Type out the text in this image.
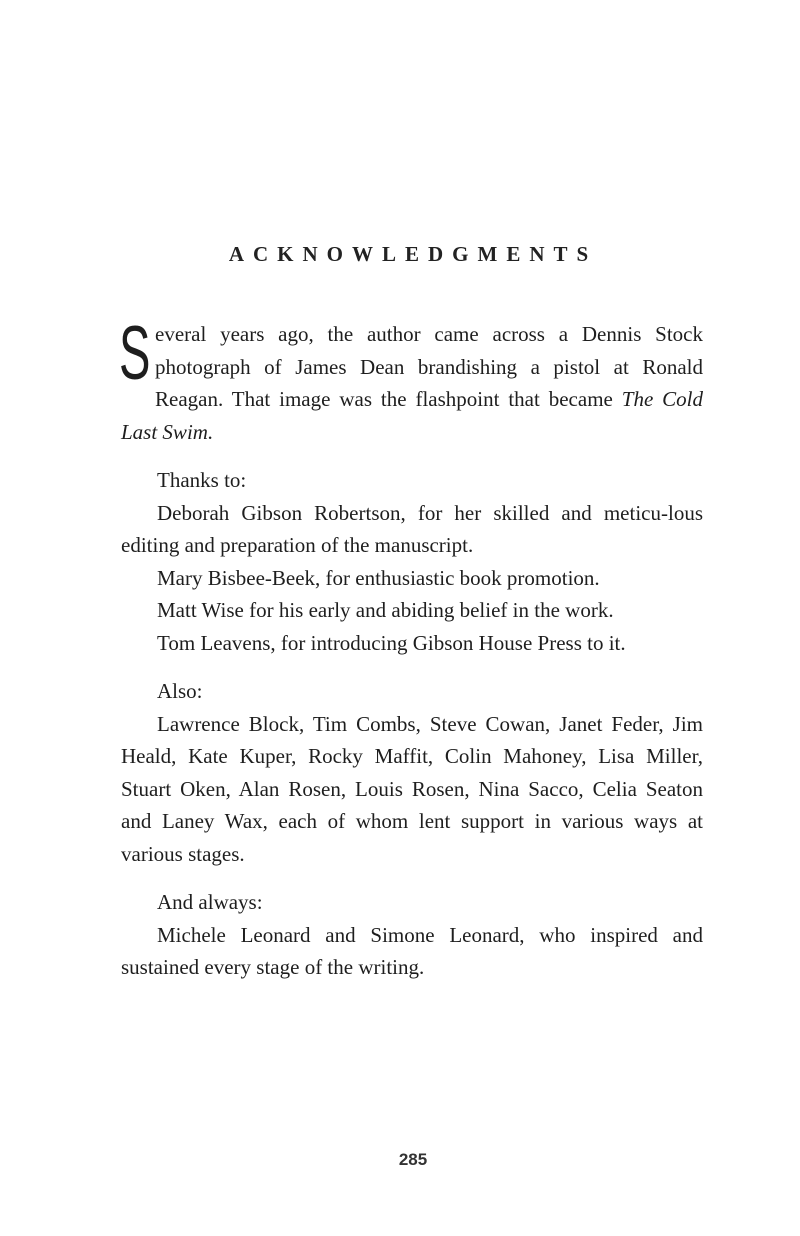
ACKNOWLEDGMENTS

Several years ago, the author came across a Dennis Stock photograph of James Dean brandishing a pistol at Ronald Reagan. That image was the flashpoint that became The Cold Last Swim.

Thanks to:

Deborah Gibson Robertson, for her skilled and meticu-lous editing and preparation of the manuscript.

Mary Bisbee-Beek, for enthusiastic book promotion.

Matt Wise for his early and abiding belief in the work.

Tom Leavens, for introducing Gibson House Press to it.

Also:

Lawrence Block, Tim Combs, Steve Cowan, Janet Feder, Jim Heald, Kate Kuper, Rocky Maffit, Colin Mahoney, Lisa Miller, Stuart Oken, Alan Rosen, Louis Rosen, Nina Sacco, Celia Seaton and Laney Wax, each of whom lent support in various ways at various stages.

And always:

Michele Leonard and Simone Leonard, who inspired and sustained every stage of the writing.

285
